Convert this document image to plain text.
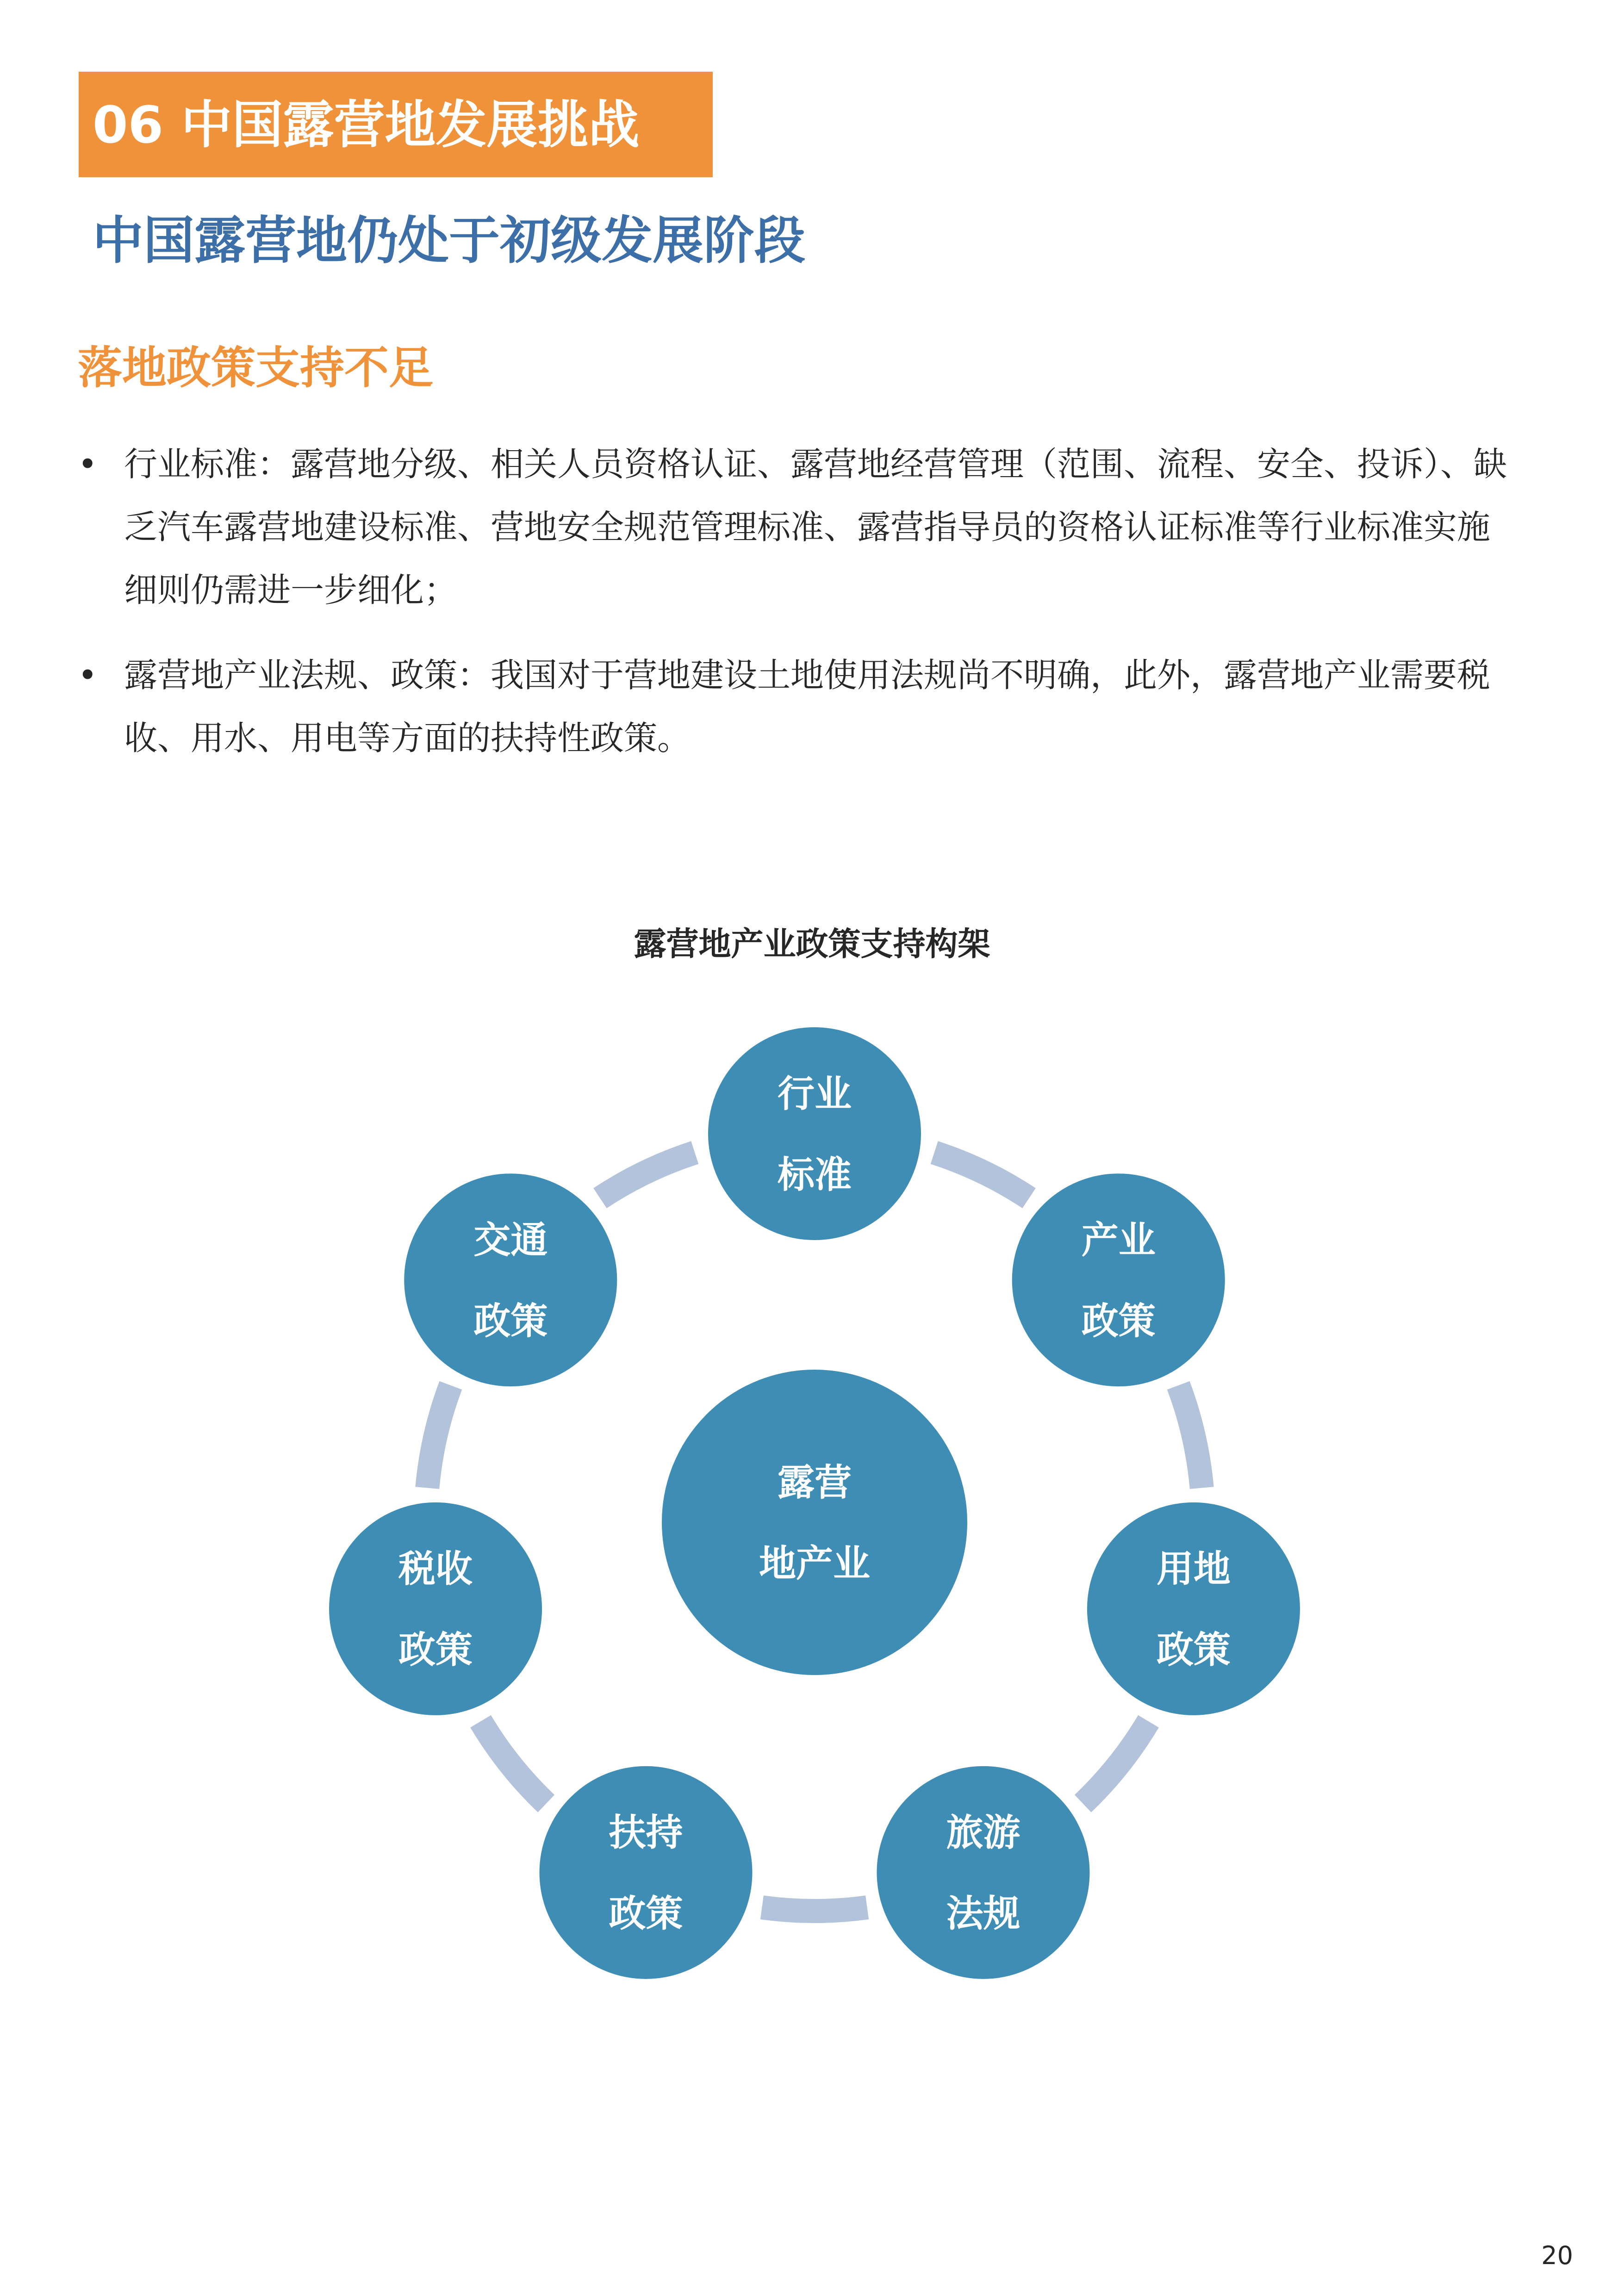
06 中国露营地发展挑战
中国露营地仍处于初级发展阶段
落地政策支持不足
• 行业标准：露营地分级、相关人员资格认证、露营地经营管理（范围、流程、安全、投诉）、缺乏汽车露营地建设标准、营地安全规范管理标准、露营指导员的资格认证标准等行业标准实施细则仍需进一步细化；
• 露营地产业法规、政策：我国对于营地建设土地使用法规尚不明确，此外，露营地产业需要税收、用水、用电等方面的扶持性政策。
露营地产业政策支持构架
行业
标准
产业
政策
用地
政策
旅游
法规
扶持
政策
税收
政策
交通
政策
露营
地产业
20
